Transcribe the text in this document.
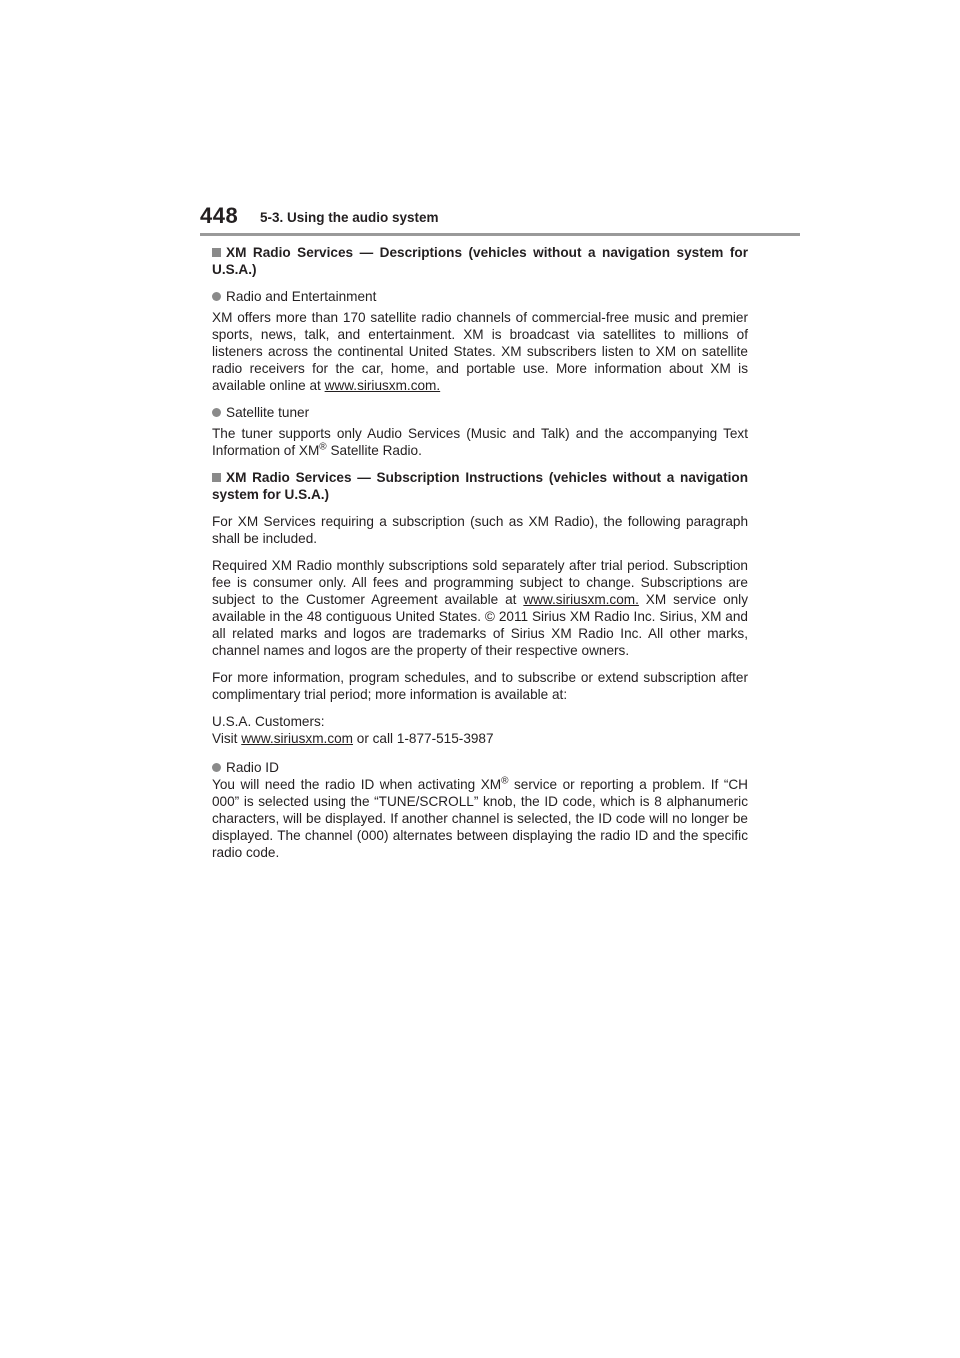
448 5-3. Using the audio system

XM Radio Services — Descriptions (vehicles without a navigation system for U.S.A.)

Radio and Entertainment

XM offers more than 170 satellite radio channels of commercial-free music and premier sports, news, talk, and entertainment. XM is broadcast via satellites to millions of listeners across the continental United States. XM subscribers listen to XM on satellite radio receivers for the car, home, and portable use. More information about XM is available online at www.siriusxm.com.

Satellite tuner

The tuner supports only Audio Services (Music and Talk) and the accompanying Text Information of XM® Satellite Radio.

XM Radio Services — Subscription Instructions (vehicles without a navigation system for U.S.A.)

For XM Services requiring a subscription (such as XM Radio), the following paragraph shall be included.

Required XM Radio monthly subscriptions sold separately after trial period. Subscription fee is consumer only. All fees and programming subject to change. Subscriptions are subject to the Customer Agreement available at www.siriusxm.com. XM service only available in the 48 contiguous United States. © 2011 Sirius XM Radio Inc. Sirius, XM and all related marks and logos are trademarks of Sirius XM Radio Inc. All other marks, channel names and logos are the property of their respective owners.

For more information, program schedules, and to subscribe or extend subscription after complimentary trial period; more information is available at:

U.S.A. Customers:
Visit www.siriusxm.com or call 1-877-515-3987

Radio ID

You will need the radio ID when activating XM® service or reporting a problem. If “CH 000” is selected using the “TUNE/SCROLL” knob, the ID code, which is 8 alphanumeric characters, will be displayed. If another channel is selected, the ID code will no longer be displayed. The channel (000) alternates between displaying the radio ID and the specific radio code.
